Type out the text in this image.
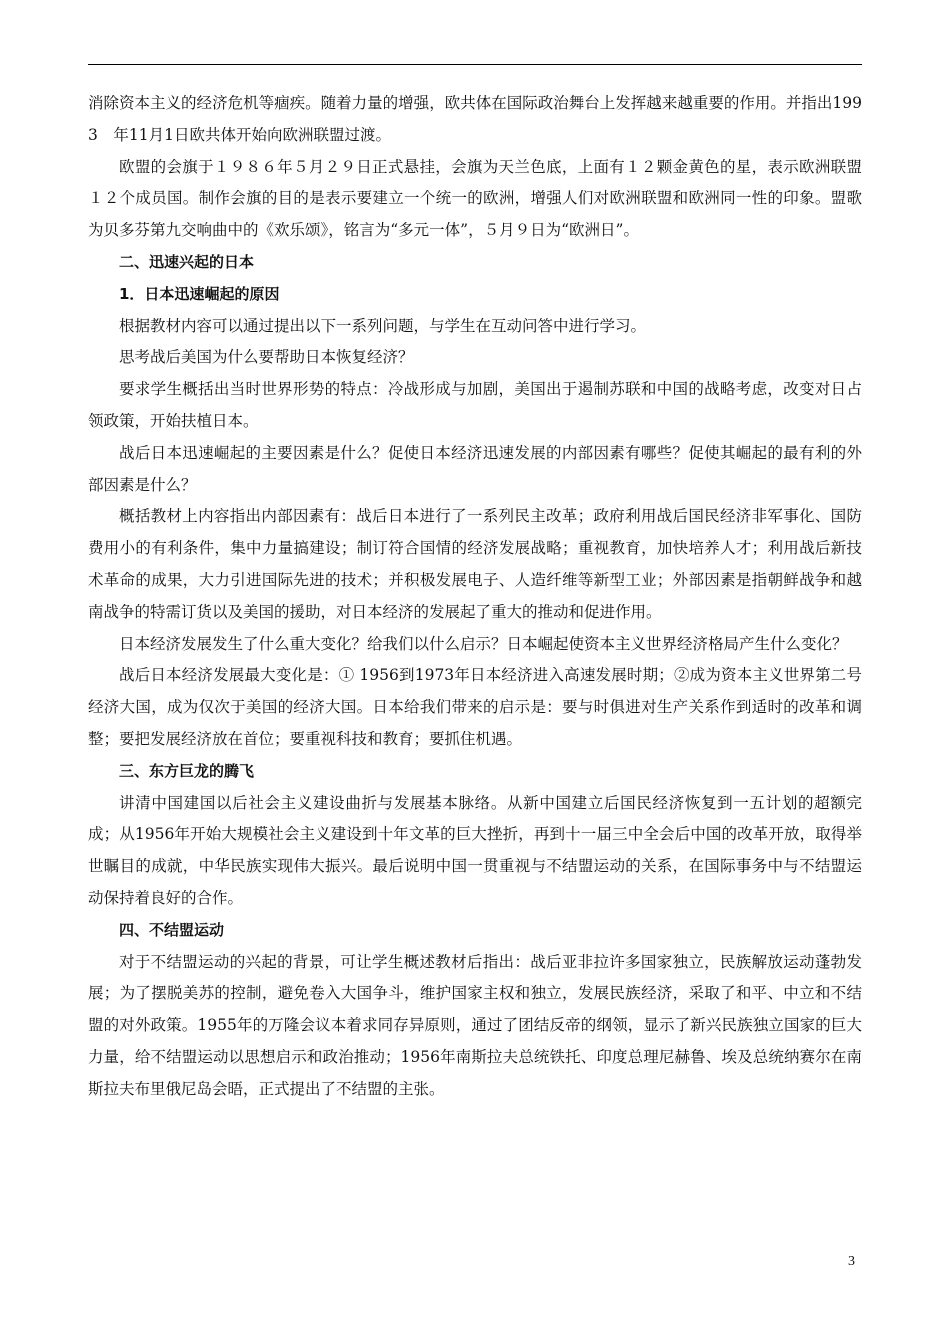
消除资本主义的经济危机等痼疾。随着力量的增强，欧共体在国际政治舞台上发挥越来越重要的作用。并指出1993　年11月1日欧共体开始向欧洲联盟过渡。

欧盟的会旗于１９８６年５月２９日正式悬挂，会旗为天兰色底，上面有１２颗金黄色的星，表示欧洲联盟１２个成员国。制作会旗的目的是表示要建立一个统一的欧洲，增强人们对欧洲联盟和欧洲同一性的印象。盟歌为贝多芬第九交响曲中的《欢乐颂》，铭言为“多元一体”，５月９日为“欧洲日”。

二、迅速兴起的日本

1．日本迅速崛起的原因

根据教材内容可以通过提出以下一系列问题，与学生在互动问答中进行学习。

思考战后美国为什么要帮助日本恢复经济？

要求学生概括出当时世界形势的特点：冷战形成与加剧，美国出于遏制苏联和中国的战略考虑，改变对日占领政策，开始扶植日本。

战后日本迅速崛起的主要因素是什么？促使日本经济迅速发展的内部因素有哪些？促使其崛起的最有利的外部因素是什么？

概括教材上内容指出内部因素有：战后日本进行了一系列民主改革；政府利用战后国民经济非军事化、国防费用小的有利条件，集中力量搞建设；制订符合国情的经济发展战略；重视教育，加快培养人才；利用战后新技术革命的成果，大力引进国际先进的技术；并积极发展电子、人造纤维等新型工业；外部因素是指朝鲜战争和越南战争的特需订货以及美国的援助，对日本经济的发展起了重大的推动和促进作用。

日本经济发展发生了什么重大变化？给我们以什么启示？日本崛起使资本主义世界经济格局产生什么变化？

战后日本经济发展最大变化是：① 1956到1973年日本经济进入高速发展时期；②成为资本主义世界第二号经济大国，成为仅次于美国的经济大国。日本给我们带来的启示是：要与时俱进对生产关系作到适时的改革和调整；要把发展经济放在首位；要重视科技和教育；要抓住机遇。

三、东方巨龙的腾飞

讲清中国建国以后社会主义建设曲折与发展基本脉络。从新中国建立后国民经济恢复到一五计划的超额完成；从1956年开始大规模社会主义建设到十年文革的巨大挫折，再到十一届三中全会后中国的改革开放，取得举世瞩目的成就，中华民族实现伟大振兴。最后说明中国一贯重视与不结盟运动的关系，在国际事务中与不结盟运动保持着良好的合作。

四、不结盟运动

对于不结盟运动的兴起的背景，可让学生概述教材后指出：战后亚非拉许多国家独立，民族解放运动蓬勃发展；为了摆脱美苏的控制，避免卷入大国争斗，维护国家主权和独立，发展民族经济，采取了和平、中立和不结盟的对外政策。1955年的万隆会议本着求同存异原则，通过了团结反帝的纲领，显示了新兴民族独立国家的巨大力量，给不结盟运动以思想启示和政治推动；1956年南斯拉夫总统铁托、印度总理尼赫鲁、埃及总统纳赛尔在南斯拉夫布里俄尼岛会晤，正式提出了不结盟的主张。

3
